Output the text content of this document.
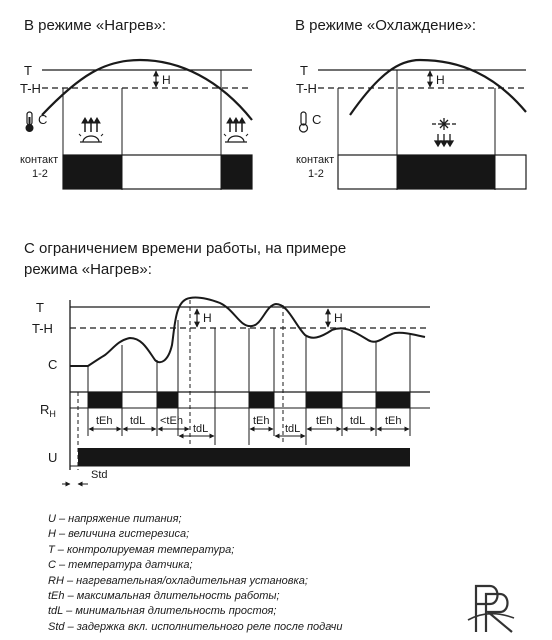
В режиме «Нагрев»:	В режиме «Охлаждение»:
С ограничением времени работы, на примере
режима «Нагрев»:
T
T-H
H
C
контакт
1-2
T
T-H
H
C
контакт
1-2
T
T-H
C
H	H
$R_H$
tEh tdL <tEh
tdL
tEh
tdL
tEh tdL tEh
U
Std
U – напряжение питания;
H – величина гистерезиса;
T – контролируемая температура;
C – температура датчика;
RH – нагревательная/охладительная установка;
tEh – максимальная длительность работы;
tdL – минимальная длительность простоя;
Std – задержка вкл. исполнительного реле после подачи
